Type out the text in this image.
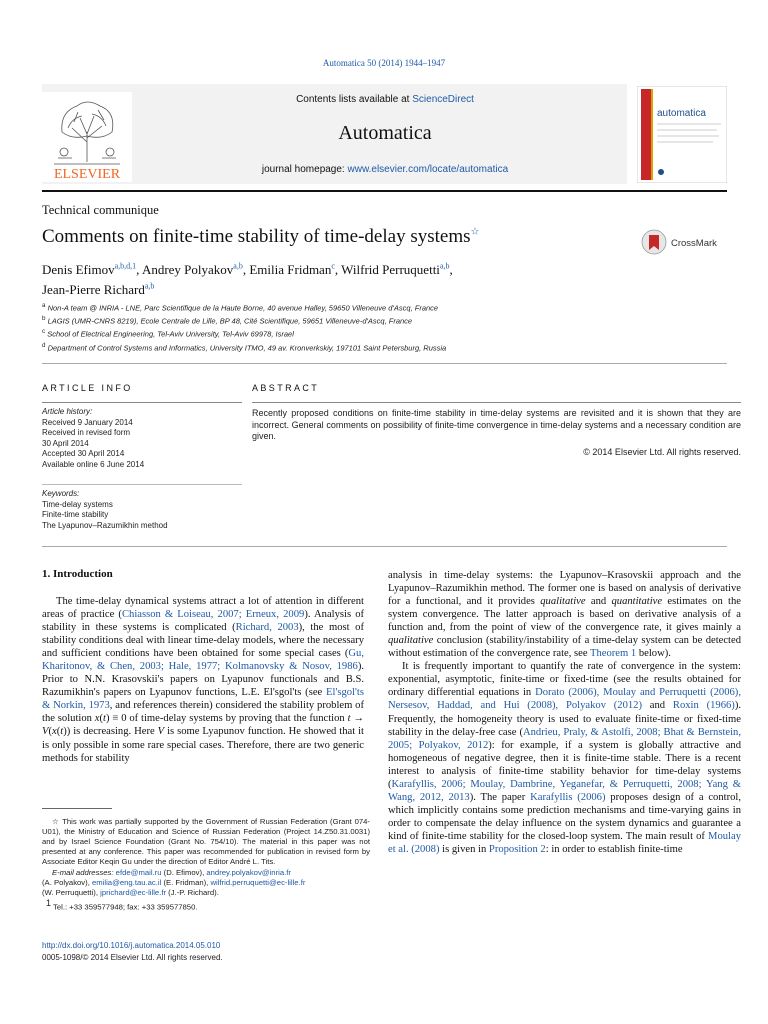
Automatica 50 (2014) 1944–1947
ELSEVIER
Contents lists available at ScienceDirect
Automatica
journal homepage: www.elsevier.com/locate/automatica
automatica
Technical communique
Comments on finite-time stability of time-delay systems☆
CrossMark
Denis Efimov$^{a,b,d,1}$, Andrey Polyakov$^{a,b}$, Emilia Fridman$^c$, Wilfrid Perruquetti$^{a,b}$,
Jean-Pierre Richard$^{a,b}$
$^a$ Non-A team @ INRIA - LNE, Parc Scientifique de la Haute Borne, 40 avenue Halley, 59650 Villeneuve d'Ascq, France
$^b$ LAGIS (UMR-CNRS 8219), Ecole Centrale de Lille, BP 48, Cité Scientifique, 59651 Villeneuve-d'Ascq, France
$^c$ School of Electrical Engineering, Tel-Aviv University, Tel-Aviv 69978, Israel
$^d$ Department of Control Systems and Informatics, University ITMO, 49 av. Kronverkskiy, 197101 Saint Petersburg, Russia
ARTICLE INFO
Article history:
Received 9 January 2014
Received in revised form
30 April 2014
Accepted 30 April 2014
Available online 6 June 2014
Keywords:
Time-delay systems
Finite-time stability
The Lyapunov–Razumikhin method
ABSTRACT
Recently proposed conditions on finite-time stability in time-delay systems are revisited and it is shown that they are incorrect. General comments on possibility of finite-time convergence in time-delay systems and a necessary condition are given.
© 2014 Elsevier Ltd. All rights reserved.
1. Introduction

The time-delay dynamical systems attract a lot of attention in different areas of practice (Chiasson & Loiseau, 2007; Erneux, 2009). Analysis of stability in these systems is complicated (Richard, 2003), the most of stability conditions deal with linear time-delay models, where the necessary and sufficient conditions have been obtained for some special cases (Gu, Kharitonov, & Chen, 2003; Hale, 1977; Kolmanovsky & Nosov, 1986). Prior to N.N. Krasovskii's papers on Lyapunov functionals and B.S. Razumikhin's papers on Lyapunov functions, L.E. El'sgol'ts (see El'sgol'ts & Norkin, 1973, and references therein) considered the stability problem of the solution x(t) ≡ 0 of time-delay systems by proving that the function t → V(x(t)) is decreasing. Here V is some Lyapunov function. He showed that it is only possible in some rare special cases. Therefore, there are two generic methods for stability

☆ This work was partially supported by the Government of Russian Federation (Grant 074-U01), the Ministry of Education and Science of Russian Federation (Project 14.Z50.31.0031) and by Israel Science Foundation (Grant No. 754/10). The material in this paper was not presented at any conference. This paper was recommended for publication in revised form by Associate Editor Keqin Gu under the direction of Editor André L. Tits.
E-mail addresses: efde@mail.ru (D. Efimov), andrey.polyakov@inria.fr
(A. Polyakov), emilia@eng.tau.ac.il (E. Fridman), wilfrid.perruquetti@ec-lille.fr
(W. Perruquetti), jprichard@ec-lille.fr (J.-P. Richard).
$^1$ Tel.: +33 359577948; fax: +33 359577850.
http://dx.doi.org/10.1016/j.automatica.2014.05.010
0005-1098/© 2014 Elsevier Ltd. All rights reserved.

analysis in time-delay systems: the Lyapunov–Krasovskii approach and the Lyapunov–Razumikhin method. The former one is based on analysis of derivative for a functional, and it provides qualitative and quantitative estimates on the system convergence. The latter approach is based on derivative analysis of a function and, from the point of view of the convergence rate, it gives mainly a qualitative conclusion (stability/instability of a time-delay system can be detected without estimation of the convergence rate, see Theorem 1 below).

It is frequently important to quantify the rate of convergence in the system: exponential, asymptotic, finite-time or fixed-time (see the results obtained for ordinary differential equations in Dorato (2006), Moulay and Perruquetti (2006), Nersesov, Haddad, and Hui (2008), Polyakov (2012) and Roxin (1966)). Frequently, the homogeneity theory is used to evaluate finite-time or fixed-time stability in the delay-free case (Andrieu, Praly, & Astolfi, 2008; Bhat & Bernstein, 2005; Polyakov, 2012): for example, if a system is globally attractive and homogeneous of negative degree, then it is finite-time stable. There is a recent interest to analysis of finite-time stability behavior for time-delay systems (Karafyllis, 2006; Moulay, Dambrine, Yeganefar, & Perruquetti, 2008; Yang & Wang, 2012, 2013). The paper Karafyllis (2006) proposes design of a control, which implicitly contains some prediction mechanisms and time-varying gains in order to compensate the delay influence on the system dynamics and guarantee a kind of finite-time stability for the closed-loop system. The main result of Moulay et al. (2008) is given in Proposition 2: in order to establish finite-time
